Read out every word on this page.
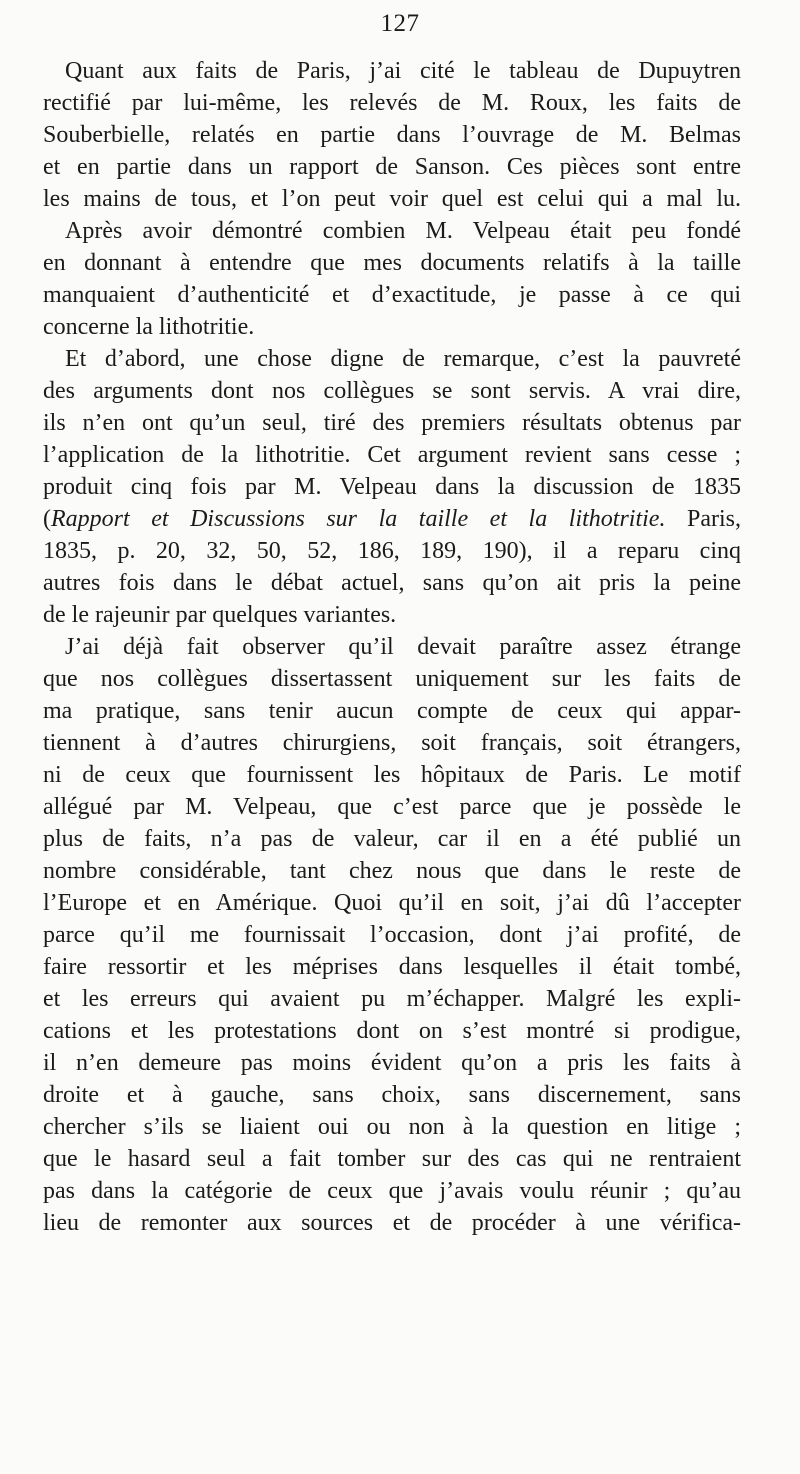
127
Quant aux faits de Paris, j’ai cité le tableau de Dupuytren
rectifié par lui-même, les relevés de M. Roux, les faits de
Souberbielle, relatés en partie dans l’ouvrage de M. Belmas
et en partie dans un rapport de Sanson. Ces pièces sont entre
les mains de tous, et l’on peut voir quel est celui qui a mal lu.
Après avoir démontré combien M. Velpeau était peu fondé
en donnant à entendre que mes documents relatifs à la taille
manquaient d’authenticité et d’exactitude, je passe à ce qui
concerne la lithotritie.
Et d’abord, une chose digne de remarque, c’est la pauvreté
des arguments dont nos collègues se sont servis. A vrai dire,
ils n’en ont qu’un seul, tiré des premiers résultats obtenus par
l’application de la lithotritie. Cet argument revient sans cesse ;
produit cinq fois par M. Velpeau dans la discussion de 1835
(Rapport et Discussions sur la taille et la lithotritie. Paris,
1835, p. 20, 32, 50, 52, 186, 189, 190), il a reparu cinq
autres fois dans le débat actuel, sans qu’on ait pris la peine
de le rajeunir par quelques variantes.
J’ai déjà fait observer qu’il devait paraître assez étrange
que nos collègues dissertassent uniquement sur les faits de
ma pratique, sans tenir aucun compte de ceux qui appar-
tiennent à d’autres chirurgiens, soit français, soit étrangers,
ni de ceux que fournissent les hôpitaux de Paris. Le motif
allégué par M. Velpeau, que c’est parce que je possède le
plus de faits, n’a pas de valeur, car il en a été publié un
nombre considérable, tant chez nous que dans le reste de
l’Europe et en Amérique. Quoi qu’il en soit, j’ai dû l’accepter
parce qu’il me fournissait l’occasion, dont j’ai profité, de
faire ressortir et les méprises dans lesquelles il était tombé,
et les erreurs qui avaient pu m’échapper. Malgré les expli-
cations et les protestations dont on s’est montré si prodigue,
il n’en demeure pas moins évident qu’on a pris les faits à
droite et à gauche, sans choix, sans discernement, sans
chercher s’ils se liaient oui ou non à la question en litige ;
que le hasard seul a fait tomber sur des cas qui ne rentraient
pas dans la catégorie de ceux que j’avais voulu réunir ; qu’au
lieu de remonter aux sources et de procéder à une vérifica-
